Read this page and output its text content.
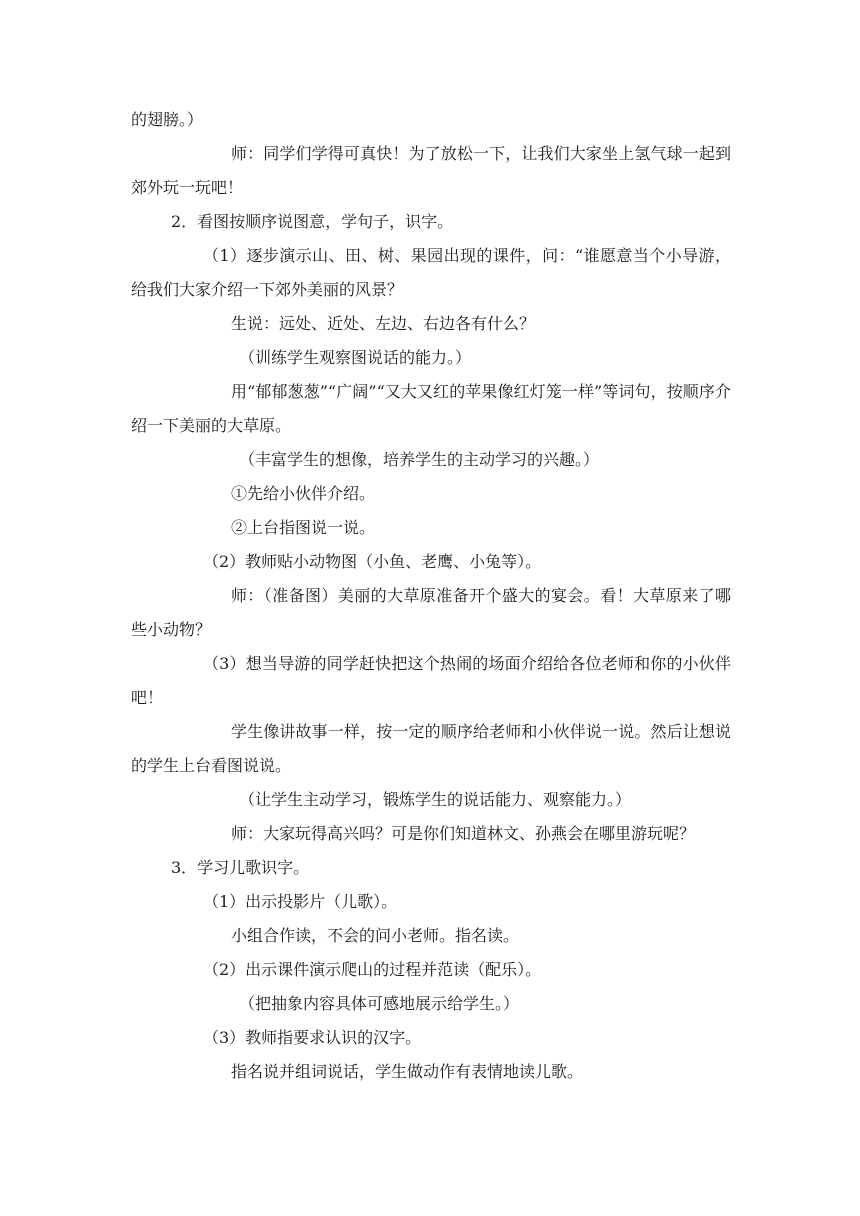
的翅膀。）

师：同学们学得可真快！为了放松一下，让我们大家坐上氢气球一起到郊外玩一玩吧！

2．看图按顺序说图意，学句子，识字。

（1）逐步演示山、田、树、果园出现的课件，问：“谁愿意当个小导游，给我们大家介绍一下郊外美丽的风景？

生说：远处、近处、左边、右边各有什么？

（训练学生观察图说话的能力。）

用“郁郁葱葱”“广阔”“又大又红的苹果像红灯笼一样”等词句，按顺序介绍一下美丽的大草原。

（丰富学生的想像，培养学生的主动学习的兴趣。）

①先给小伙伴介绍。

②上台指图说一说。

（2）教师贴小动物图（小鱼、老鹰、小兔等）。

师：（准备图）美丽的大草原准备开个盛大的宴会。看！大草原来了哪些小动物？

（3）想当导游的同学赶快把这个热闹的场面介绍给各位老师和你的小伙伴吧！

学生像讲故事一样，按一定的顺序给老师和小伙伴说一说。然后让想说的学生上台看图说说。

（让学生主动学习，锻炼学生的说话能力、观察能力。）

师：大家玩得高兴吗？可是你们知道林文、孙燕会在哪里游玩呢？

3．学习儿歌识字。

（1）出示投影片（儿歌）。

小组合作读，不会的问小老师。指名读。

（2）出示课件演示爬山的过程并范读（配乐）。

（把抽象内容具体可感地展示给学生。）

（3）教师指要求认识的汉字。

指名说并组词说话，学生做动作有表情地读儿歌。
